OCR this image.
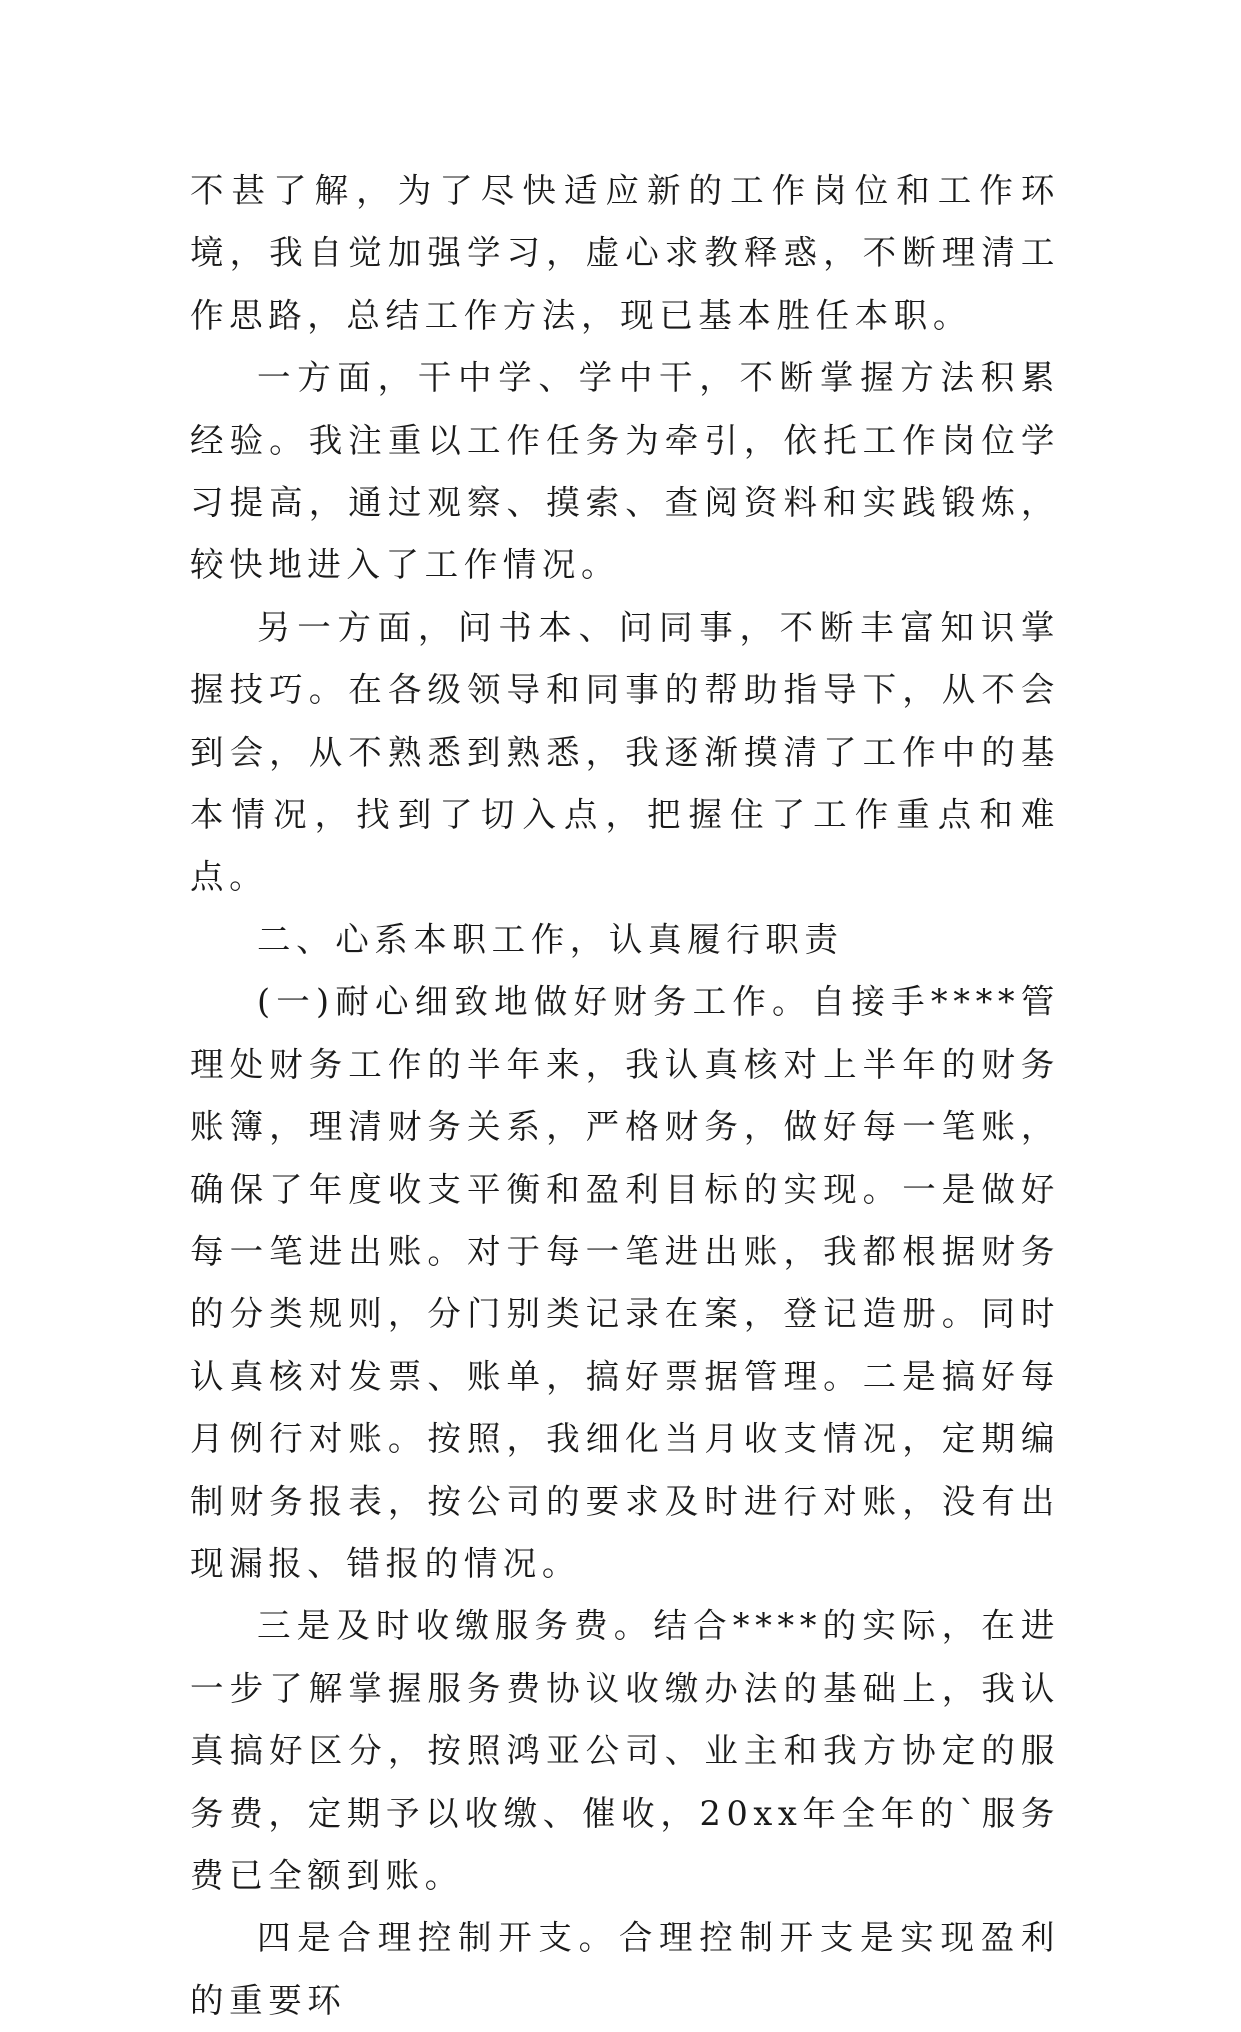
不甚了解，为了尽快适应新的工作岗位和工作环境，我自觉加强学习，虚心求教释惑，不断理清工作思路，总结工作方法，现已基本胜任本职。

一方面，干中学、学中干，不断掌握方法积累经验。我注重以工作任务为牵引，依托工作岗位学习提高，通过观察、摸索、查阅资料和实践锻炼，较快地进入了工作情况。

另一方面，问书本、问同事，不断丰富知识掌握技巧。在各级领导和同事的帮助指导下，从不会到会，从不熟悉到熟悉，我逐渐摸清了工作中的基本情况，找到了切入点，把握住了工作重点和难点。

二、心系本职工作，认真履行职责

(一)耐心细致地做好财务工作。自接手****管理处财务工作的半年来，我认真核对上半年的财务账簿，理清财务关系，严格财务，做好每一笔账，确保了年度收支平衡和盈利目标的实现。一是做好每一笔进出账。对于每一笔进出账，我都根据财务的分类规则，分门别类记录在案，登记造册。同时认真核对发票、账单，搞好票据管理。二是搞好每月例行对账。按照，我细化当月收支情况，定期编制财务报表，按公司的要求及时进行对账，没有出现漏报、错报的情况。

三是及时收缴服务费。结合****的实际，在进一步了解掌握服务费协议收缴办法的基础上，我认真搞好区分，按照鸿亚公司、业主和我方协定的服务费，定期予以收缴、催收，20xx年全年的`服务费已全额到账。

四是合理控制开支。合理控制开支是实现盈利的重要环
